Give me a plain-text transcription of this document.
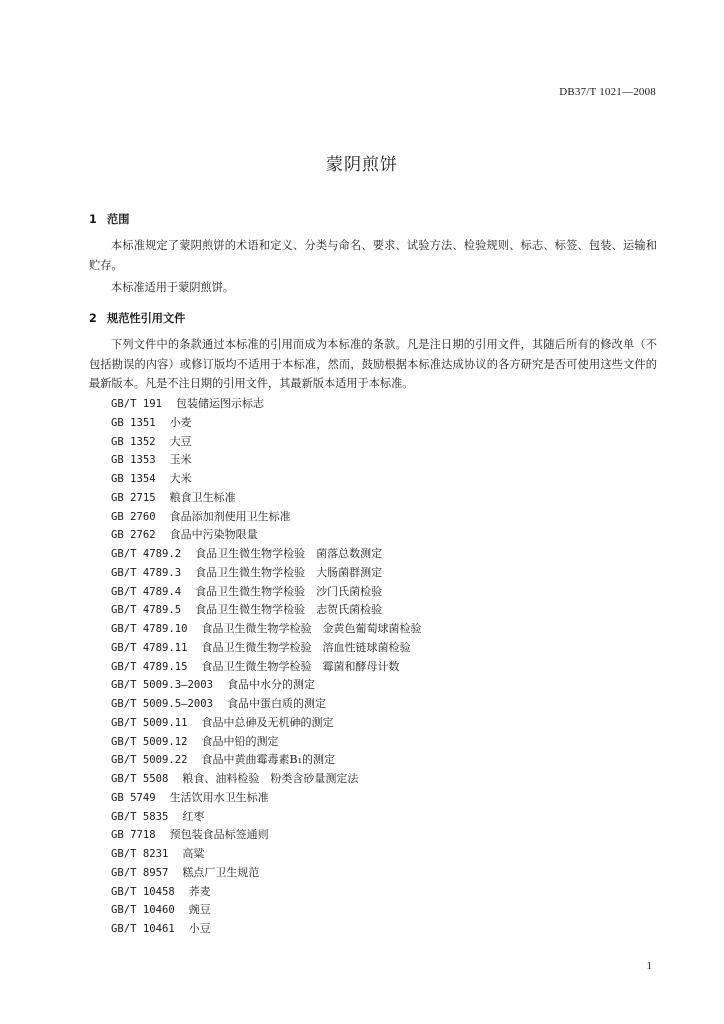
DB37/T 1021—2008
蒙阴煎饼
1 范围

本标准规定了蒙阴煎饼的术语和定义、分类与命名、要求、试验方法、检验规则、标志、标签、包装、运输和贮存。

本标准适用于蒙阴煎饼。

2 规范性引用文件

下列文件中的条款通过本标准的引用而成为本标准的条款。凡是注日期的引用文件，其随后所有的修改单（不包括勘误的内容）或修订版均不适用于本标准，然而，鼓励根据本标准达成协议的各方研究是否可使用这些文件的最新版本。凡是不注日期的引用文件，其最新版本适用于本标准。

GB/T 191 包装储运图示标志
GB 1351 小麦
GB 1352 大豆
GB 1353 玉米
GB 1354 大米
GB 2715 粮食卫生标准
GB 2760 食品添加剂使用卫生标准
GB 2762 食品中污染物限量
GB/T 4789.2 食品卫生微生物学检验　菌落总数测定
GB/T 4789.3 食品卫生微生物学检验　大肠菌群测定
GB/T 4789.4 食品卫生微生物学检验　沙门氏菌检验
GB/T 4789.5 食品卫生微生物学检验　志贺氏菌检验
GB/T 4789.10 食品卫生微生物学检验　金黄色葡萄球菌检验
GB/T 4789.11 食品卫生微生物学检验　溶血性链球菌检验
GB/T 4789.15 食品卫生微生物学检验　霉菌和酵母计数
GB/T 5009.3—2003 食品中水分的测定
GB/T 5009.5—2003 食品中蛋白质的测定
GB/T 5009.11 食品中总砷及无机砷的测定
GB/T 5009.12 食品中铅的测定
GB/T 5009.22 食品中黄曲霉毒素B₁的测定
GB/T 5508 粮食、油料检验　粉类含砂量测定法
GB 5749 生活饮用水卫生标准
GB/T 5835 红枣
GB 7718 预包装食品标签通则
GB/T 8231 高粱
GB/T 8957 糕点厂卫生规范
GB/T 10458 荞麦
GB/T 10460 豌豆
GB/T 10461 小豆
1
